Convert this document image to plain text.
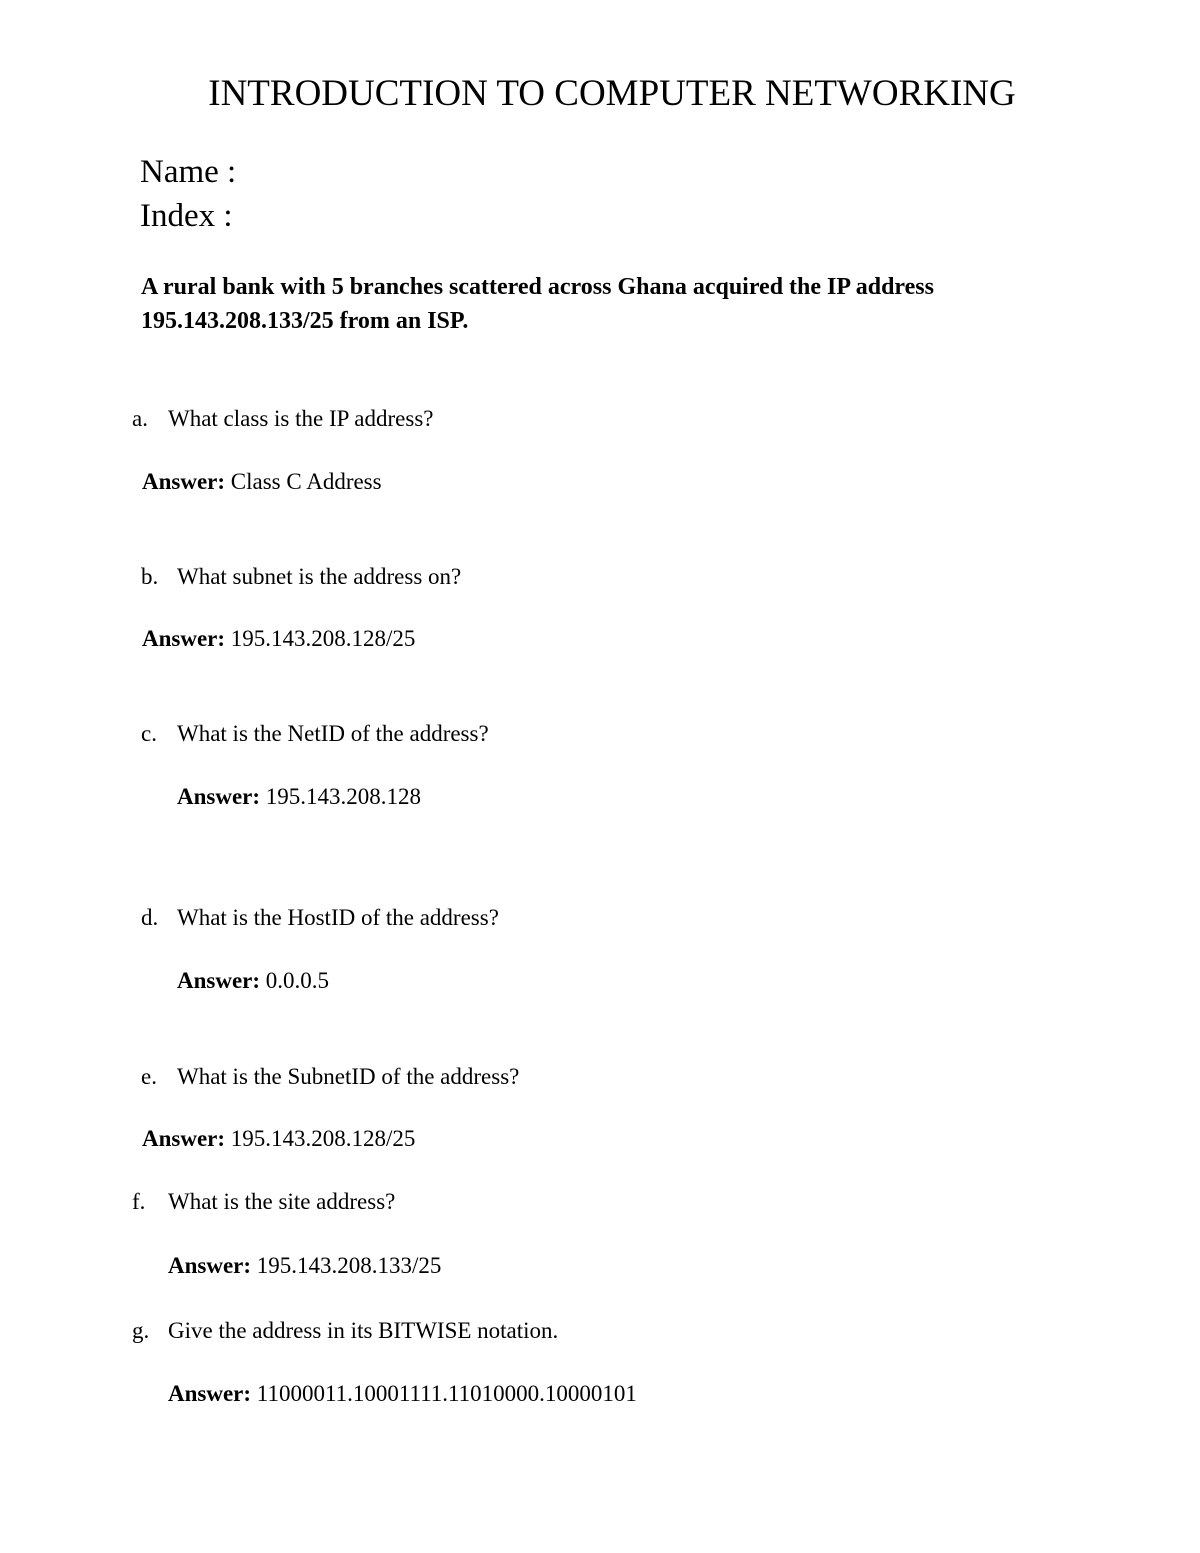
INTRODUCTION TO COMPUTER NETWORKING
Name :
Index :
A rural bank with 5 branches scattered across Ghana acquired the IP address 195.143.208.133/25 from an ISP.
a. What class is the IP address?
Answer: Class C Address
b. What subnet is the address on?
Answer: 195.143.208.128/25
c. What is the NetID of the address?
Answer: 195.143.208.128
d. What is the HostID of the address?
Answer: 0.0.0.5
e. What is the SubnetID of the address?
Answer: 195.143.208.128/25
f. What is the site address?
Answer: 195.143.208.133/25
g. Give the address in its BITWISE notation.
Answer: 11000011.10001111.11010000.10000101
